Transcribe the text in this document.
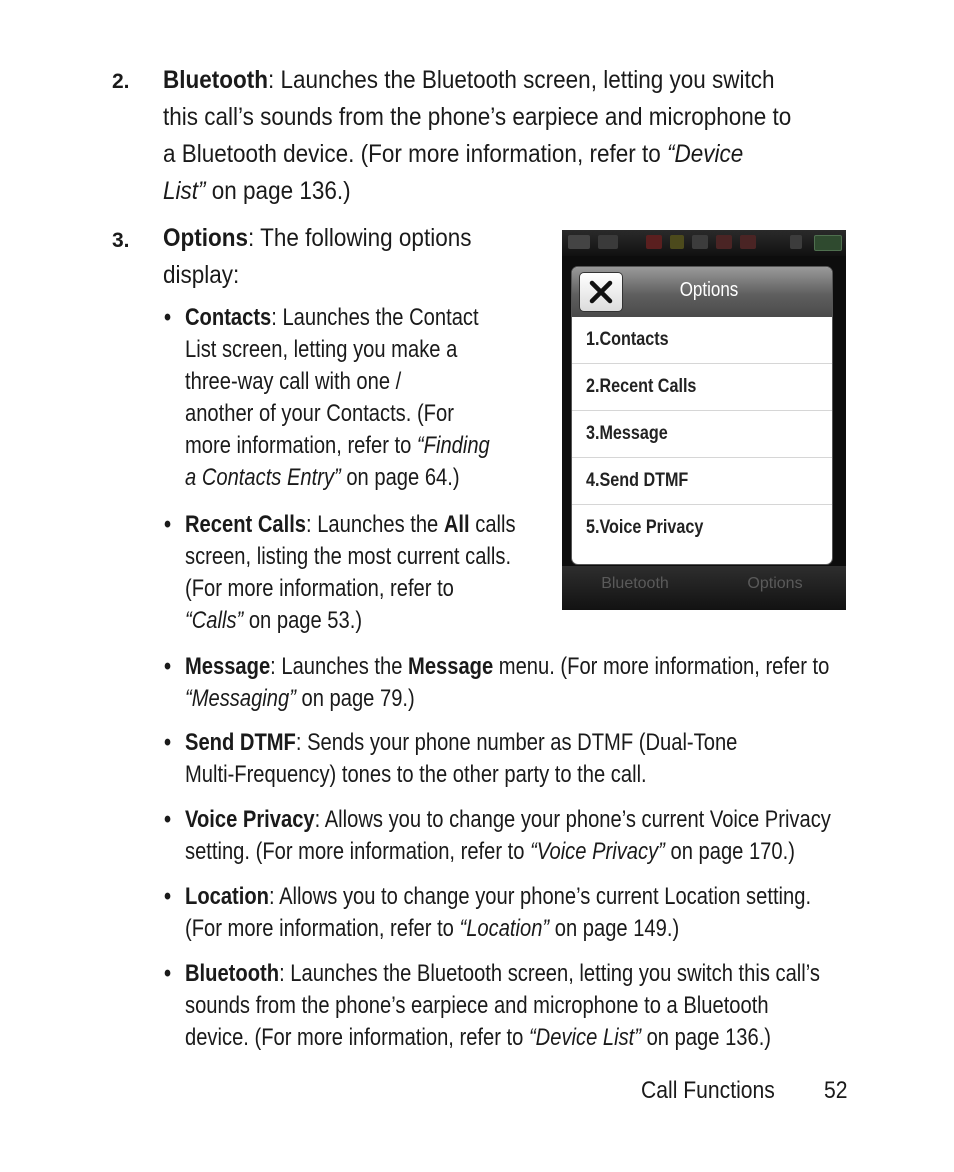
2. Bluetooth: Launches the Bluetooth screen, letting you switch
this call’s sounds from the phone’s earpiece and microphone to
a Bluetooth device. (For more information, refer to “Device
List” on page 136.)
3. Options: The following options
display:
• Contacts: Launches the Contact
List screen, letting you make a
three-way call with one /
another of your Contacts. (For
more information, refer to “Finding
a Contacts Entry” on page 64.)
• Recent Calls: Launches the All calls
screen, listing the most current calls.
(For more information, refer to
“Calls” on page 53.)
• Message: Launches the Message menu. (For more information, refer to
“Messaging” on page 79.)
• Send DTMF: Sends your phone number as DTMF (Dual-Tone
Multi-Frequency) tones to the other party to the call.
• Voice Privacy: Allows you to change your phone’s current Voice Privacy
setting. (For more information, refer to “Voice Privacy” on page 170.)
• Location: Allows you to change your phone’s current Location setting.
(For more information, refer to “Location” on page 149.)
• Bluetooth: Launches the Bluetooth screen, letting you switch this call’s
sounds from the phone’s earpiece and microphone to a Bluetooth
device. (For more information, refer to “Device List” on page 136.)
Options
1.Contacts
2.Recent Calls
3.Message
4.Send DTMF
5.Voice Privacy
Bluetooth	Options
Call Functions 52
